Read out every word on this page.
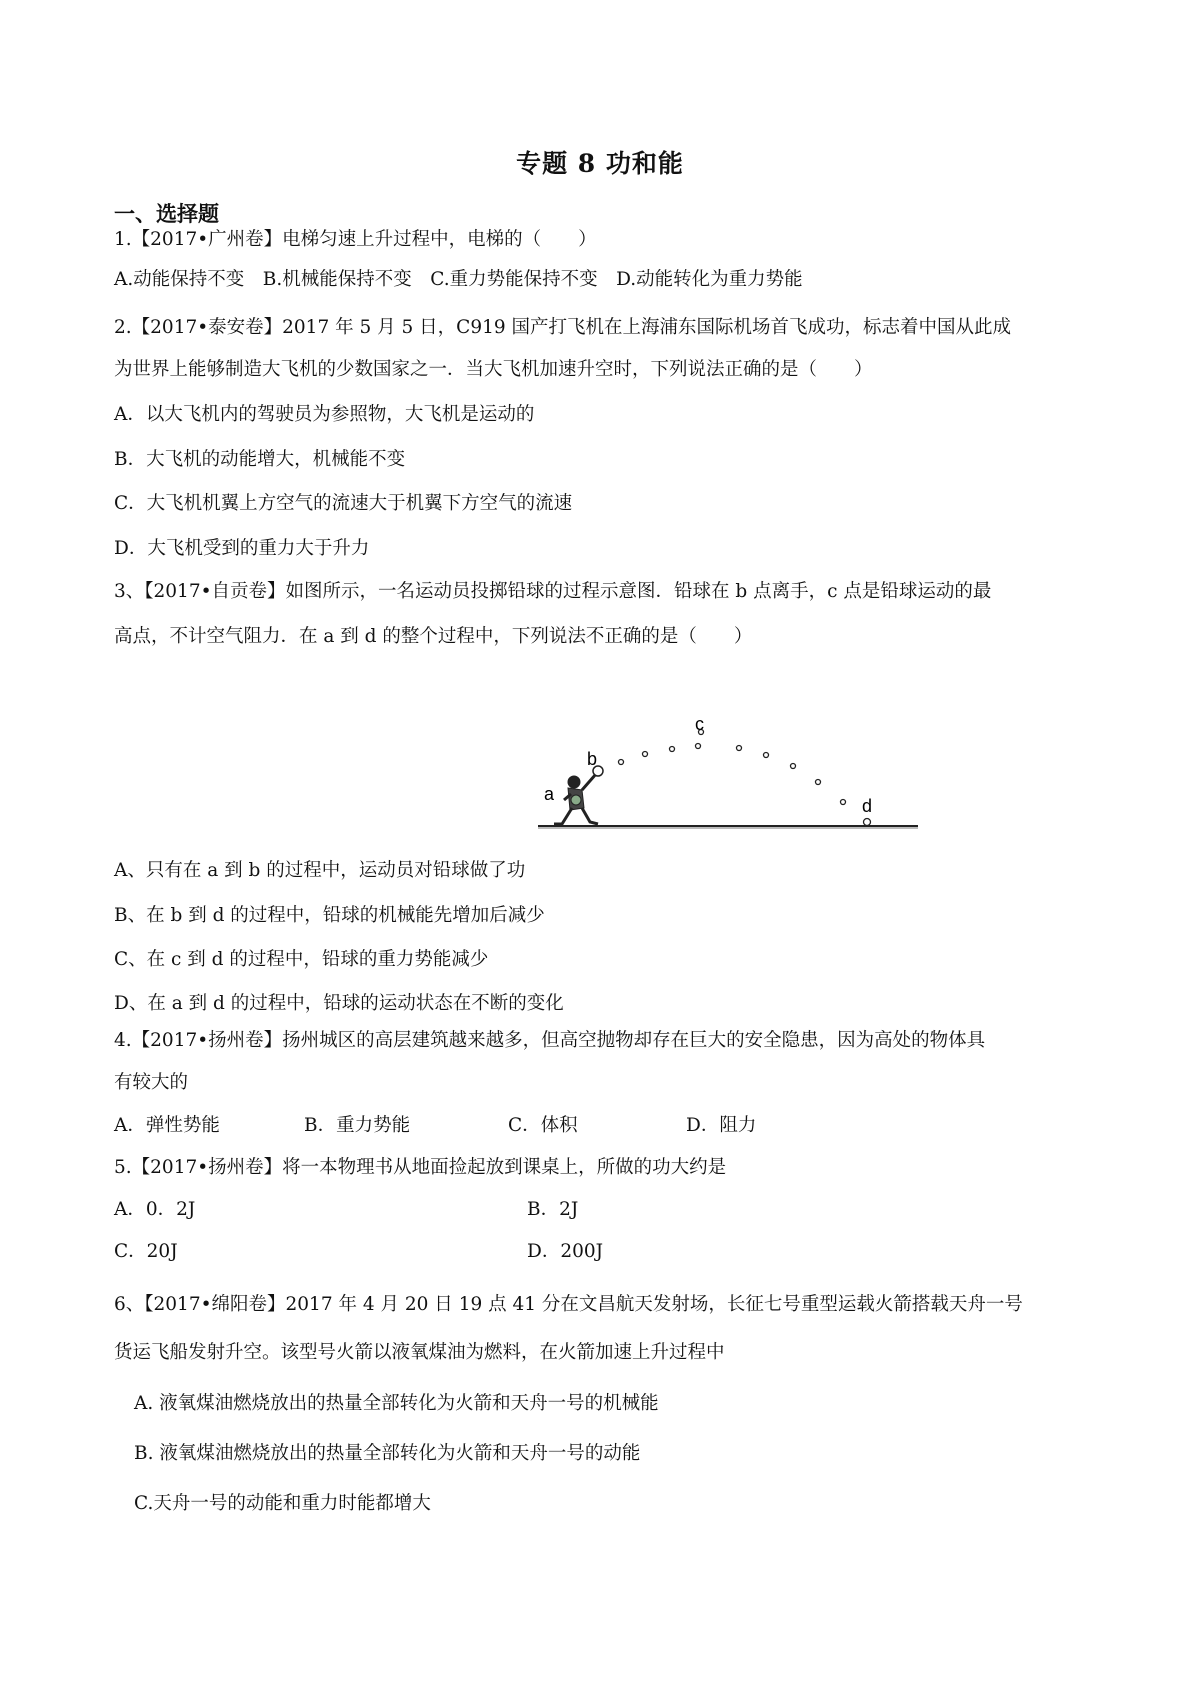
专题 8 功和能
一、选择题
1.【2017•广州卷】电梯匀速上升过程中，电梯的（　　）
A.动能保持不变　B.机械能保持不变　C.重力势能保持不变　D.动能转化为重力势能
2.【2017•泰安卷】2017 年 5 月 5 日，C919 国产打飞机在上海浦东国际机场首飞成功，标志着中国从此成
为世界上能够制造大飞机的少数国家之一．当大飞机加速升空时，下列说法正确的是（　　）
A．以大飞机内的驾驶员为参照物，大飞机是运动的
B．大飞机的动能增大，机械能不变
C．大飞机机翼上方空气的流速大于机翼下方空气的流速
D．大飞机受到的重力大于升力
3、【2017•自贡卷】如图所示，一名运动员投掷铅球的过程示意图．铅球在 b 点离手，c 点是铅球运动的最
高点，不计空气阻力．在 a 到 d 的整个过程中，下列说法不正确的是（　　）
a
b
c
d
A、只有在 a 到 b 的过程中，运动员对铅球做了功
B、在 b 到 d 的过程中，铅球的机械能先增加后减少
C、在 c 到 d 的过程中，铅球的重力势能减少
D、在 a 到 d 的过程中，铅球的运动状态在不断的变化
4.【2017•扬州卷】扬州城区的高层建筑越来越多，但高空抛物却存在巨大的安全隐患，因为高处的物体具
有较大的
A．弹性势能	B．重力势能	C．体积	D．阻力
5.【2017•扬州卷】将一本物理书从地面捡起放到课桌上，所做的功大约是
A．0．2J	B．2J
C．20J	D．200J
6、【2017•绵阳卷】2017 年 4 月 20 日 19 点 41 分在文昌航天发射场，长征七号重型运载火箭搭载天舟一号
货运飞船发射升空。该型号火箭以液氧煤油为燃料，在火箭加速上升过程中
A. 液氧煤油燃烧放出的热量全部转化为火箭和天舟一号的机械能
B. 液氧煤油燃烧放出的热量全部转化为火箭和天舟一号的动能
C.天舟一号的动能和重力时能都增大
